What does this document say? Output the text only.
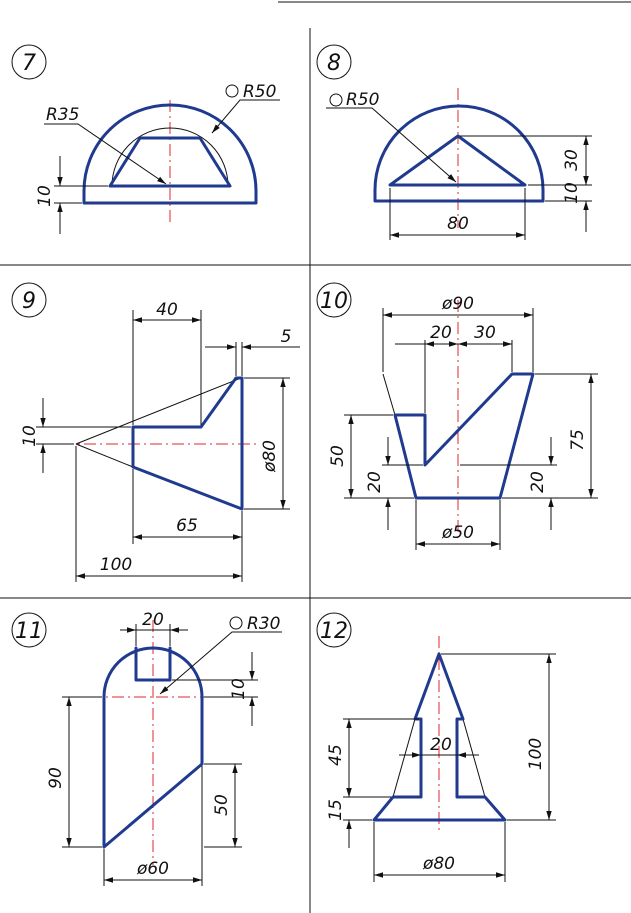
7
R35
R50
10
8
R50
30
10
80
9	40
5
10
ø80
65
100
10	ø90
20 30
50
20
75
20
ø50
11	20	R30
10
90
50
ø60
12
45
15
20	100
ø80
